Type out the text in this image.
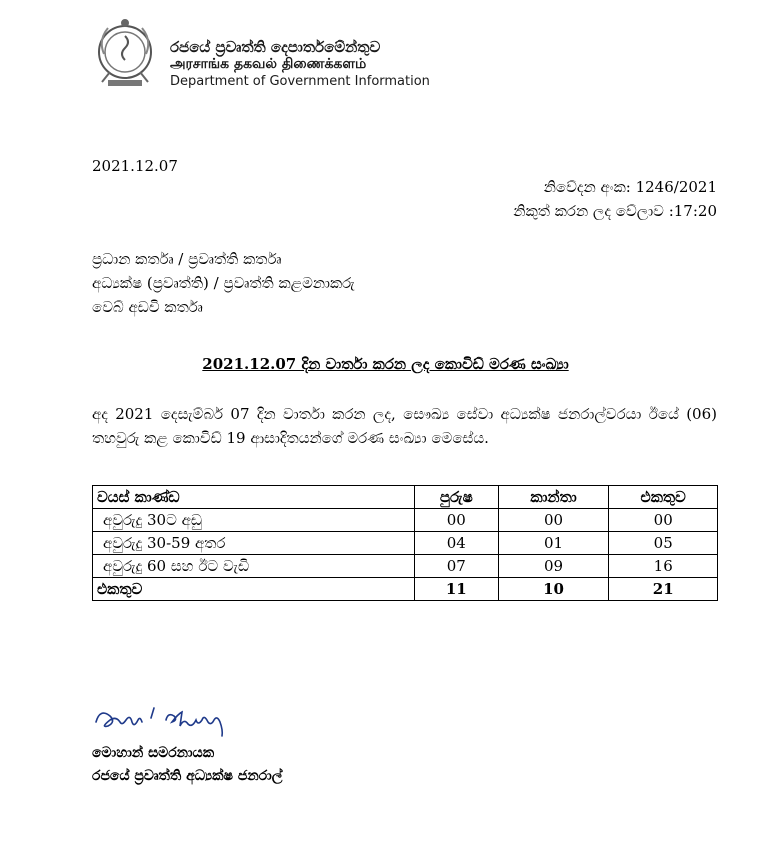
රජයේ ප්‍රවෘත්ති දෙපාර්තමේන්තුව
அரசாங்க தகவல் திணைக்களம்
Department of Government Information
2021.12.07
නිවේදන අංක: 1246/2021
නිකුත් කරන ලද වේලාව :17:20
ප්‍රධාන කර්තෘ / ප්‍රවෘත්ති කර්තෘ
අධ්‍යක්ෂ (ප්‍රවෘත්ති) / ප්‍රවෘත්ති කළමනාකරු
වෙබ් අඩවි කර්තෘ
2021.12.07 දින වාර්තා කරන ලද කොවිඩ් මරණ සංඛ්‍යා
අද 2021 දෙසැම්බර් 07 දින වාර්තා කරන ලද, සෞඛ්‍ය සේවා අධ්‍යක්ෂ ජනරාල්වරයා ඊයේ (06) තහවුරු කළ කොවිඩ් 19 ආසාදිතයන්ගේ මරණ සංඛ්‍යා මෙසේය.
වයස් කාණ්ඩ	පුරුෂ	කාන්තා	එකතුව
අවුරුදු 30ට අඩු	00	00	00
අවුරුදු 30-59 අතර	04	01	05
අවුරුදු 60 සහ ඊට වැඩි	07	09	16
එකතුව	11	10	21
මොහාන් සමරනායක
රජයේ ප්‍රවෘත්ති අධ්‍යක්ෂ ජනරාල්
